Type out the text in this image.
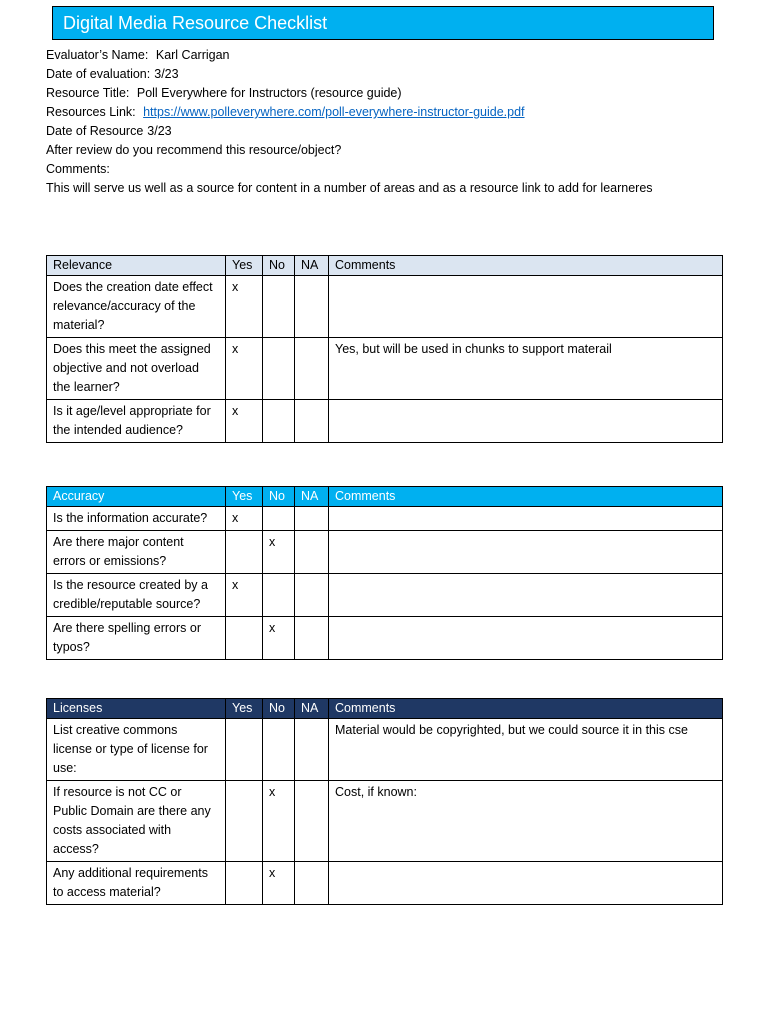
Digital Media Resource Checklist
Evaluator’s Name: Karl Carrigan
Date of evaluation: 3/23
Resource Title: Poll Everywhere for Instructors (resource guide)
Resources Link: https://www.polleverywhere.com/poll-everywhere-instructor-guide.pdf
Date of Resource 3/23
After review do you recommend this resource/object?
Comments:
This will serve us well as a source for content in a number of areas and as a resource link to add for learneres
Relevance	Yes	No	NA	Comments
Does the creation date effect relevance/accuracy of the material?	x			
Does this meet the assigned objective and not overload the learner?	x			Yes, but will be used in chunks to support materail
Is it age/level appropriate for the intended audience?	x			
Accuracy	Yes	No	NA	Comments
Is the information accurate?	x			
Are there major content errors or emissions?		x		
Is the resource created by a credible/reputable source?	x			
Are there spelling errors or typos?		x		
Licenses	Yes	No	NA	Comments
List creative commons license or type of license for use:				Material would be copyrighted, but we could source it in this cse
If resource is not CC or Public Domain are there any costs associated with access?		x		Cost, if known:
Any additional requirements to access material?		x		
